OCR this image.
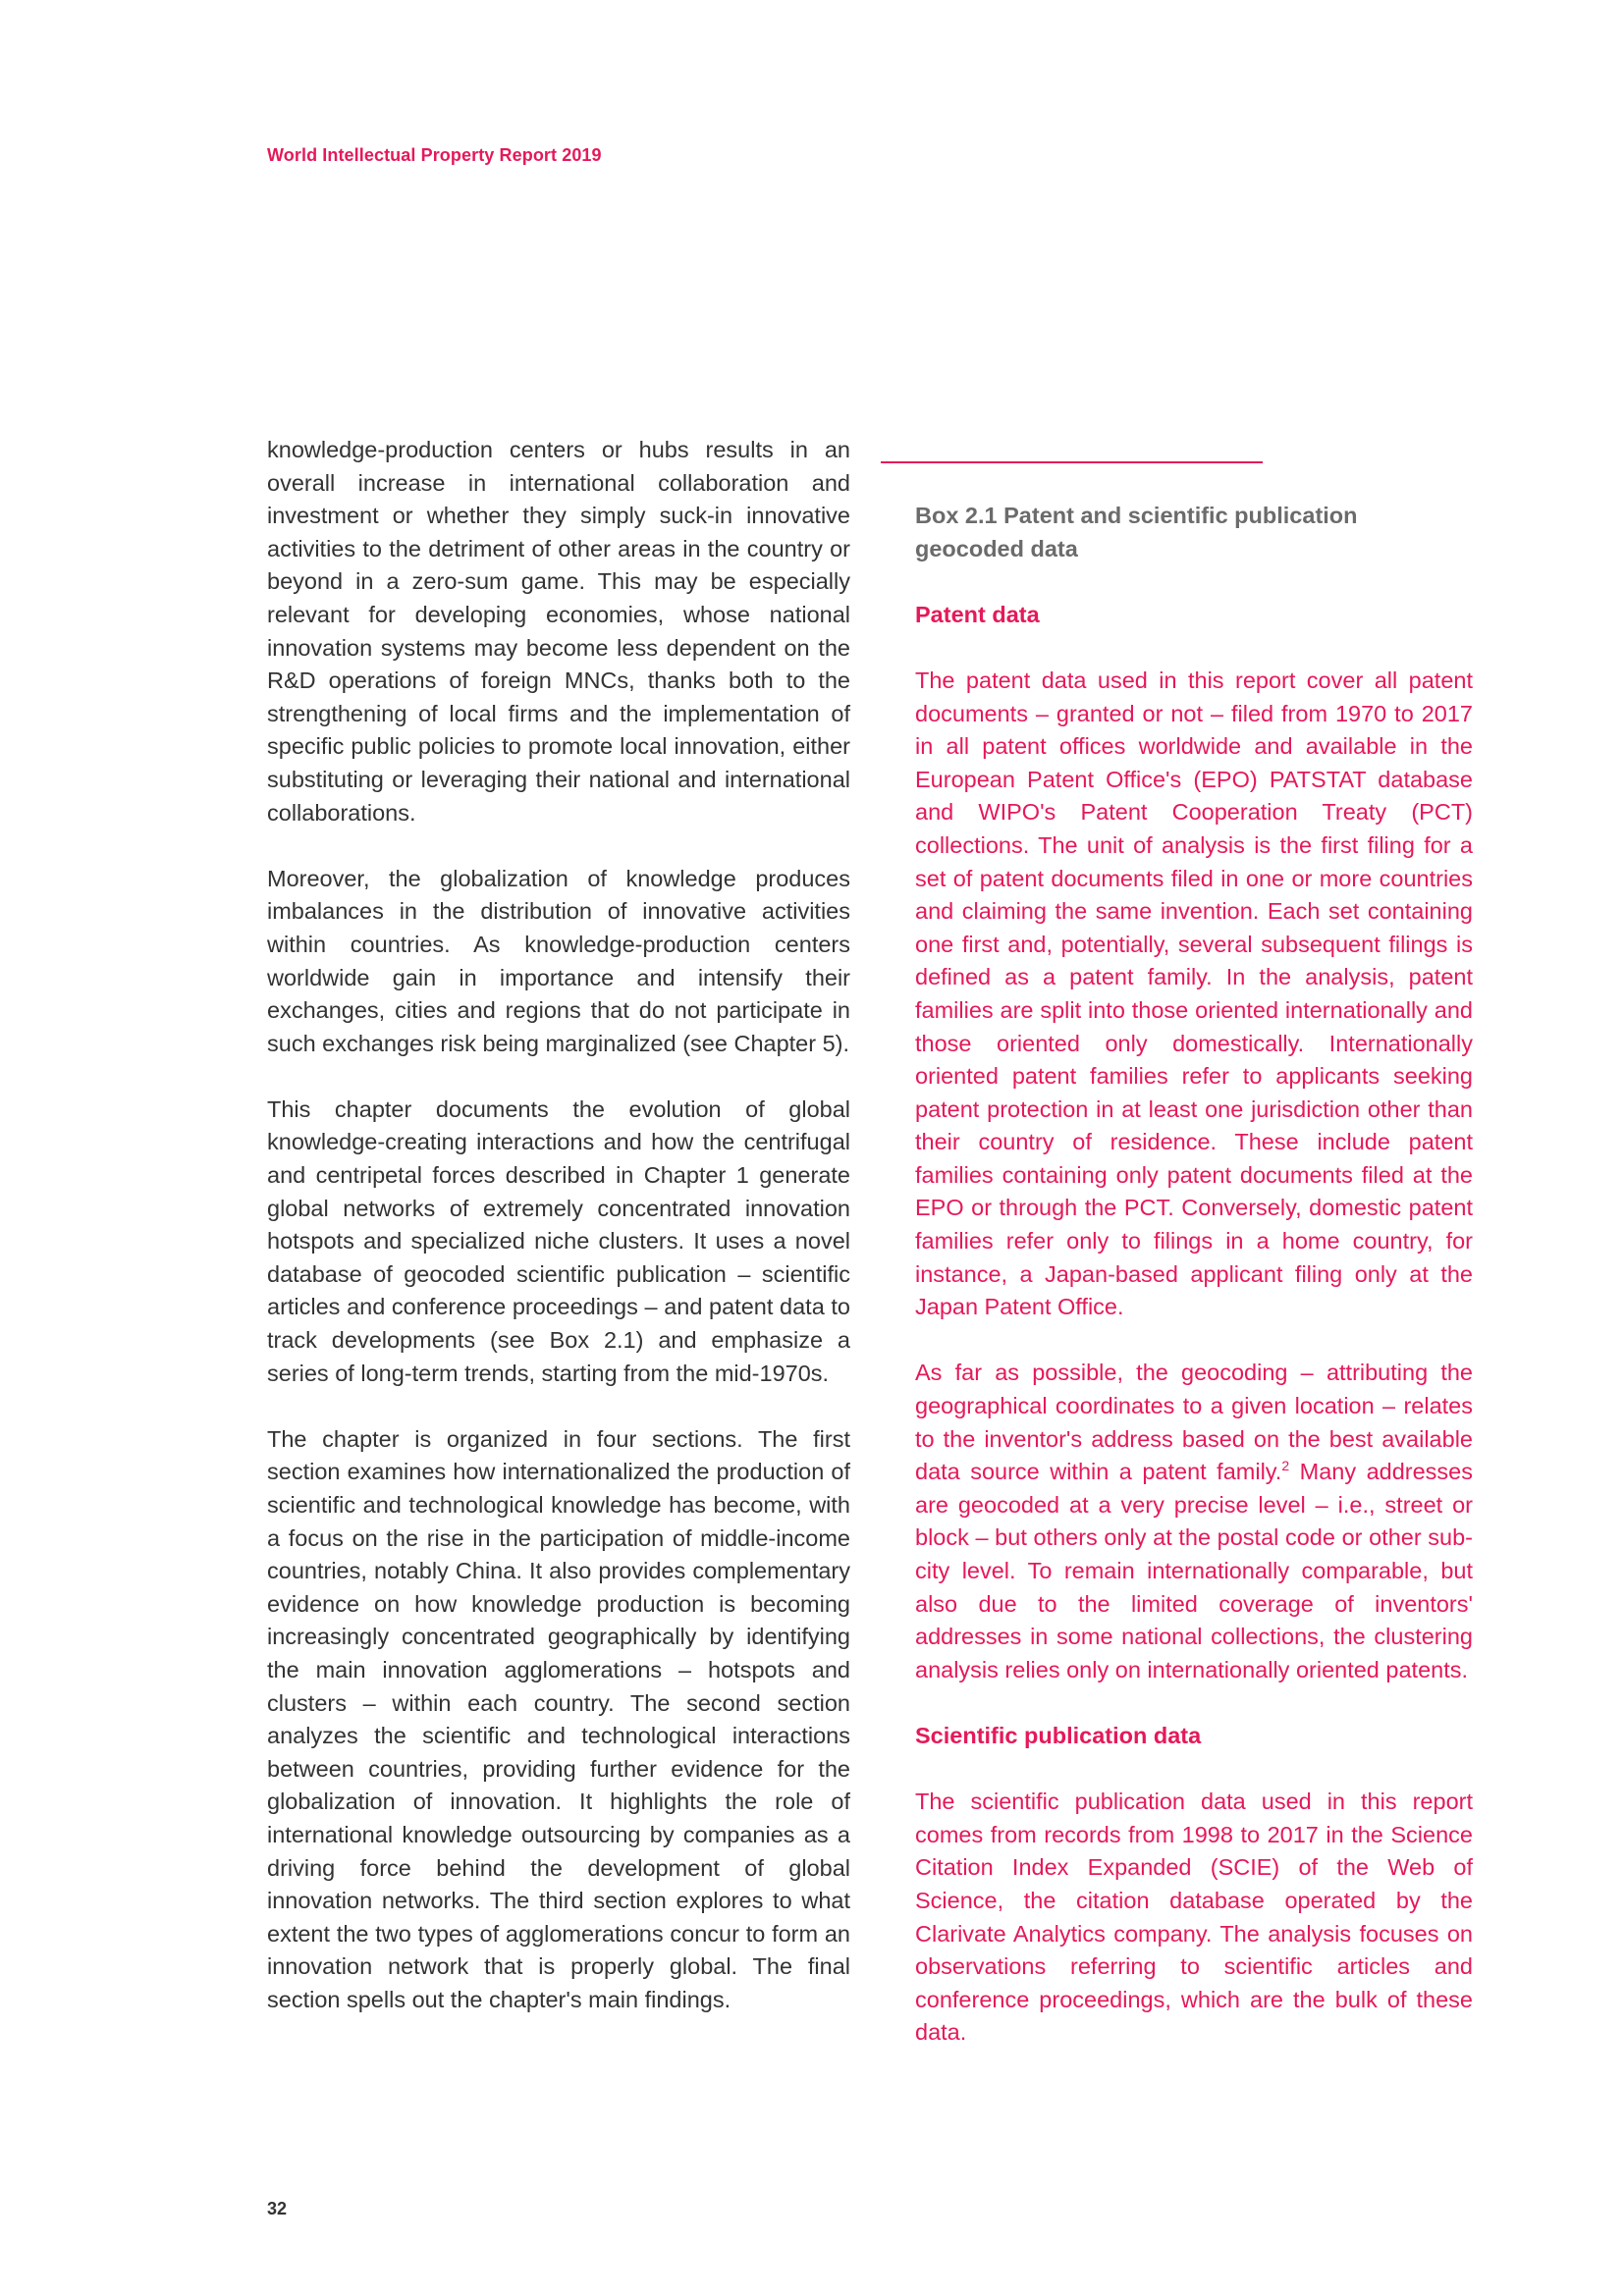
World Intellectual Property Report 2019

knowledge-production centers or hubs results in an overall increase in international collaboration and investment or whether they simply suck-in innovative activities to the detriment of other areas in the country or beyond in a zero-sum game. This may be especially relevant for developing economies, whose national innovation systems may become less dependent on the R&D operations of foreign MNCs, thanks both to the strengthening of local firms and the implementation of specific public policies to promote local innovation, either substituting or leveraging their national and international collaborations.

Moreover, the globalization of knowledge produces imbalances in the distribution of innovative activities within countries. As knowledge-production centers worldwide gain in importance and intensify their exchanges, cities and regions that do not participate in such exchanges risk being marginalized (see Chapter 5).

This chapter documents the evolution of global knowledge-creating interactions and how the centrifugal and centripetal forces described in Chapter 1 generate global networks of extremely concentrated innovation hotspots and specialized niche clusters. It uses a novel database of geocoded scientific publication – scientific articles and conference proceedings – and patent data to track developments (see Box 2.1) and emphasize a series of long-term trends, starting from the mid-1970s.

The chapter is organized in four sections. The first section examines how internationalized the production of scientific and technological knowledge has become, with a focus on the rise in the participation of middle-income countries, notably China. It also provides complementary evidence on how knowledge production is becoming increasingly concentrated geographically by identifying the main innovation agglomerations – hotspots and clusters – within each country. The second section analyzes the scientific and technological interactions between countries, providing further evidence for the globalization of innovation. It highlights the role of international knowledge outsourcing by companies as a driving force behind the development of global innovation networks. The third section explores to what extent the two types of agglomerations concur to form an innovation network that is properly global. The final section spells out the chapter's main findings.

Box 2.1 Patent and scientific publication geocoded data
Patent data

The patent data used in this report cover all patent documents – granted or not – filed from 1970 to 2017 in all patent offices worldwide and available in the European Patent Office's (EPO) PATSTAT database and WIPO's Patent Cooperation Treaty (PCT) collections. The unit of analysis is the first filing for a set of patent documents filed in one or more countries and claiming the same invention. Each set containing one first and, potentially, several subsequent filings is defined as a patent family. In the analysis, patent families are split into those oriented internationally and those oriented only domestically. Internationally oriented patent families refer to applicants seeking patent protection in at least one jurisdiction other than their country of residence. These include patent families containing only patent documents filed at the EPO or through the PCT. Conversely, domestic patent families refer only to filings in a home country, for instance, a Japan-based applicant filing only at the Japan Patent Office.

As far as possible, the geocoding – attributing the geographical coordinates to a given location – relates to the inventor's address based on the best available data source within a patent family.$^2$ Many addresses are geocoded at a very precise level – i.e., street or block – but others only at the postal code or other sub-city level. To remain internationally comparable, but also due to the limited coverage of inventors' addresses in some national collections, the clustering analysis relies only on internationally oriented patents.

Scientific publication data

The scientific publication data used in this report comes from records from 1998 to 2017 in the Science Citation Index Expanded (SCIE) of the Web of Science, the citation database operated by the Clarivate Analytics company. The analysis focuses on observations referring to scientific articles and conference proceedings, which are the bulk of these data.

32
